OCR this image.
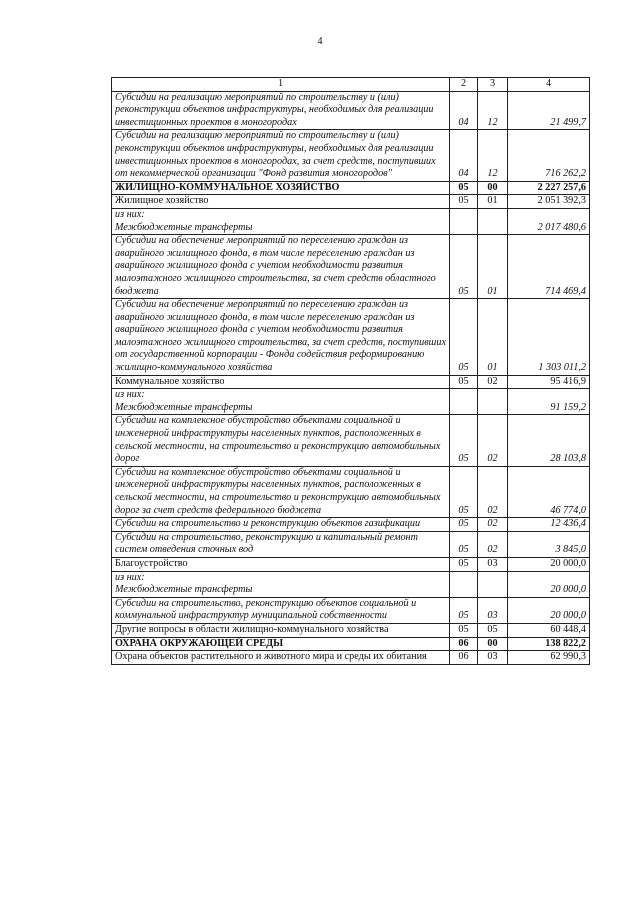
4
1	2	3	4
Субсидии на реализацию мероприятий по строительству и (или) реконструкции объектов инфраструктуры, необходимых для реализации инвестиционных проектов в моногородах	04	12	21 499,7
Субсидии на реализацию мероприятий по строительству и (или) реконструкции объектов инфраструктуры, необходимых для реализации инвестиционных проектов в моногородах, за счет средств, поступивших от некоммерческой организации "Фонд развития моногородов"	04	12	716 262,2
ЖИЛИЩНО-КОММУНАЛЬНОЕ ХОЗЯЙСТВО	05	00	2 227 257,6
Жилищное хозяйство	05	01	2 051 392,3

из них:
Межбюджетные трансферты			2 017 480,6
Субсидии на обеспечение мероприятий по переселению граждан из аварийного жилищного фонда, в том числе переселению граждан из аварийного жилищного фонда с учетом необходимости развития малоэтажного жилищного строительства, за счет средств областного бюджета	05	01	714 469,4
Субсидии на обеспечение мероприятий по переселению граждан из аварийного жилищного фонда, в том числе переселению граждан из аварийного жилищного фонда с учетом необходимости развития малоэтажного жилищного строительства, за счет средств, поступивших от государственной корпорации - Фонда содействия реформированию жилищно-коммунального хозяйства	05	01	1 303 011,2
Коммунальное хозяйство	05	02	95 416,9

из них:
Межбюджетные трансферты			91 159,2
Субсидии на комплексное обустройство объектами социальной и инженерной инфраструктуры населенных пунктов, расположенных в сельской местности, на строительство и реконструкцию автомобильных дорог	05	02	28 103,8
Субсидии на комплексное обустройство объектами социальной и инженерной инфраструктуры населенных пунктов, расположенных в сельской местности, на строительство и реконструкцию автомобильных дорог за счет средств федерального бюджета	05	02	46 774,0
Субсидии на строительство и реконструкцию объектов газификации	05	02	12 436,4
Субсидии на строительство, реконструкцию и капитальный ремонт систем отведения сточных вод	05	02	3 845,0
Благоустройство	05	03	20 000,0

из них:
Межбюджетные трансферты			20 000,0
Субсидии на строительство, реконструкцию объектов социальной и коммунальной инфраструктур муниципальной собственности	05	03	20 000,0
Другие вопросы в области жилищно-коммунального хозяйства	05	05	60 448,4
ОХРАНА ОКРУЖАЮЩЕЙ СРЕДЫ	06	00	138 822,2
Охрана объектов растительного и животного мира и среды их обитания	06	03	62 990,3
